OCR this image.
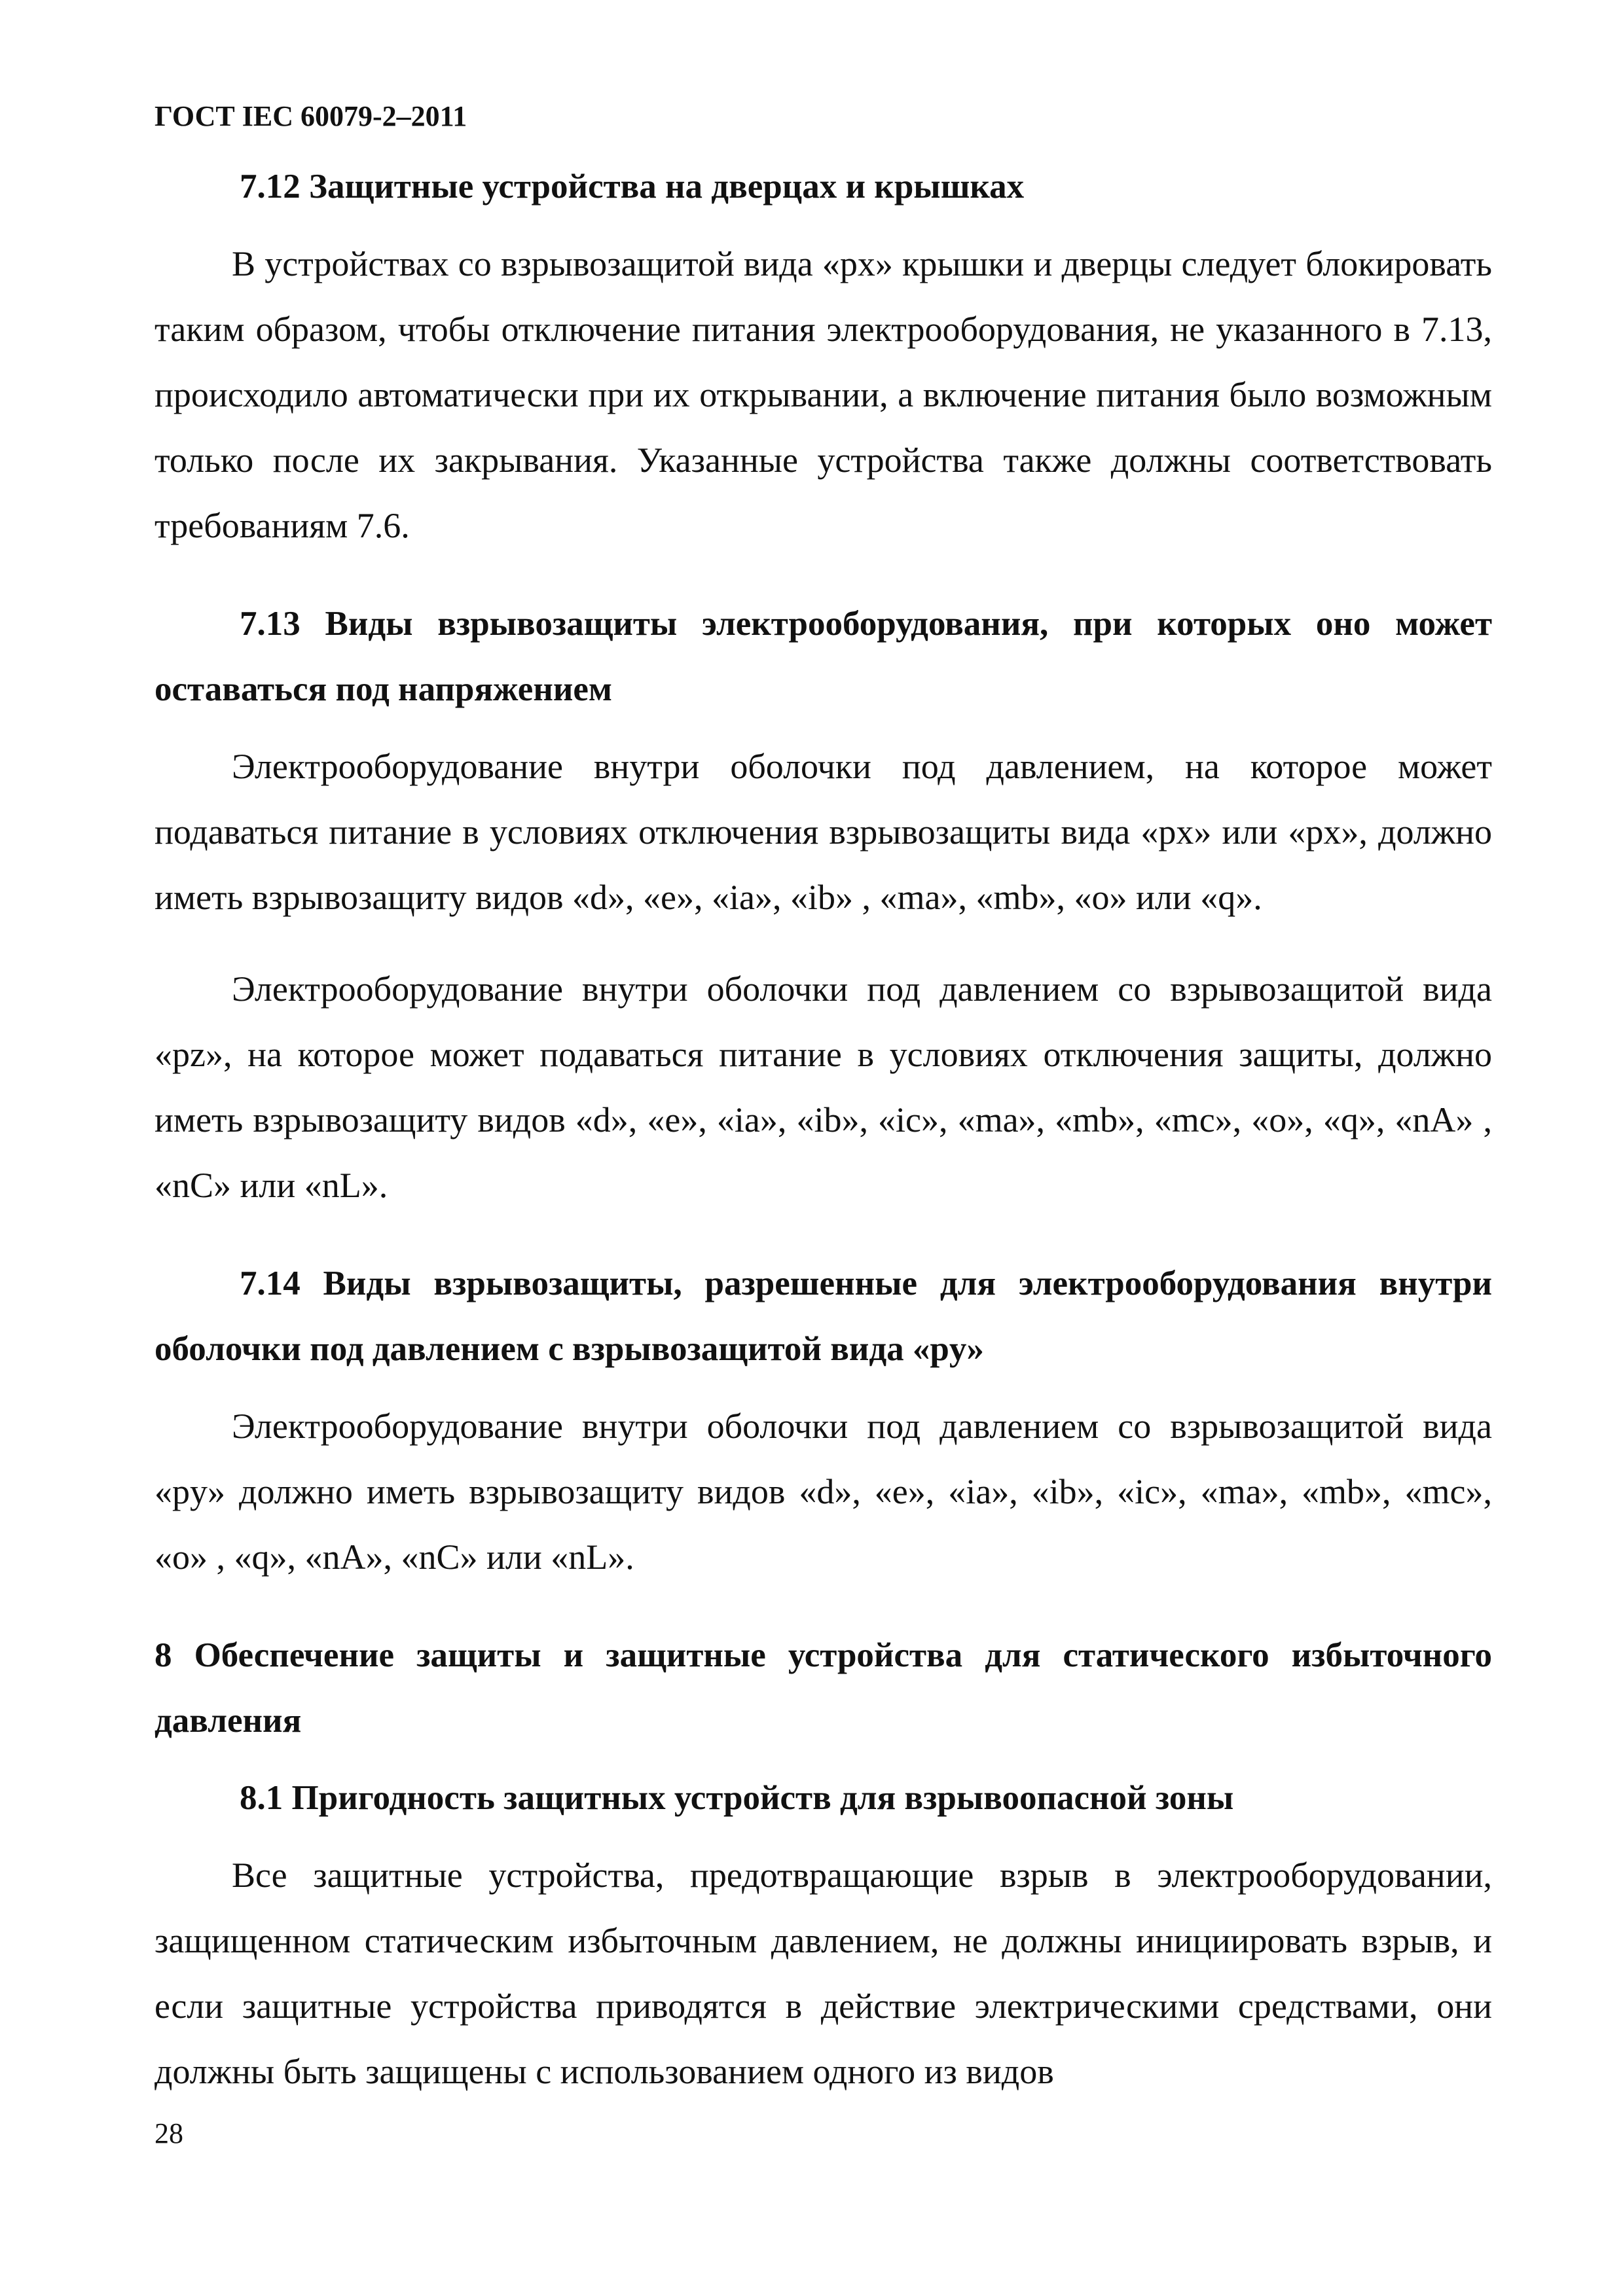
ГОСТ IEC 60079-2–2011
7.12 Защитные устройства на дверцах и крышках

В устройствах со взрывозащитой вида «px» крышки и дверцы следует блокировать таким образом, чтобы отключение питания электрооборудования, не указанного в 7.13, происходило автоматически при их открывании, а включение питания было возможным только после их закрывания. Указанные устройства также должны соответствовать требованиям 7.6.

7.13 Виды взрывозащиты электрооборудования, при которых оно может оставаться под напряжением

Электрооборудование внутри оболочки под давлением, на которое может подаваться питание в условиях отключения взрывозащиты вида «px» или «px», должно иметь взрывозащиту видов «d», «e», «ia», «ib» , «ma», «mb», «o» или «q».

Электрооборудование внутри оболочки под давлением со взрывозащитой вида «pz», на которое может подаваться питание в условиях отключения защиты, должно иметь взрывозащиту видов «d», «e», «ia», «ib», «ic», «ma», «mb», «mc», «o», «q», «nA» , «nC» или «nL».

7.14 Виды взрывозащиты, разрешенные для электрооборудования внутри оболочки под давлением с взрывозащитой вида «py»

Электрооборудование внутри оболочки под давлением со взрывозащитой вида «py» должно иметь взрывозащиту видов «d», «e», «ia», «ib», «ic», «ma», «mb», «mc», «o» , «q», «nA», «nC» или «nL».

8 Обеспечение защиты и защитные устройства для статического избыточного давления
8.1 Пригодность защитных устройств для взрывоопасной зоны

Все защитные устройства, предотвращающие взрыв в электрооборудовании, защищенном статическим избыточным давлением, не должны инициировать взрыв, и если защитные устройства приводятся в действие электрическими средствами, они должны быть защищены с использованием одного из видов

28
